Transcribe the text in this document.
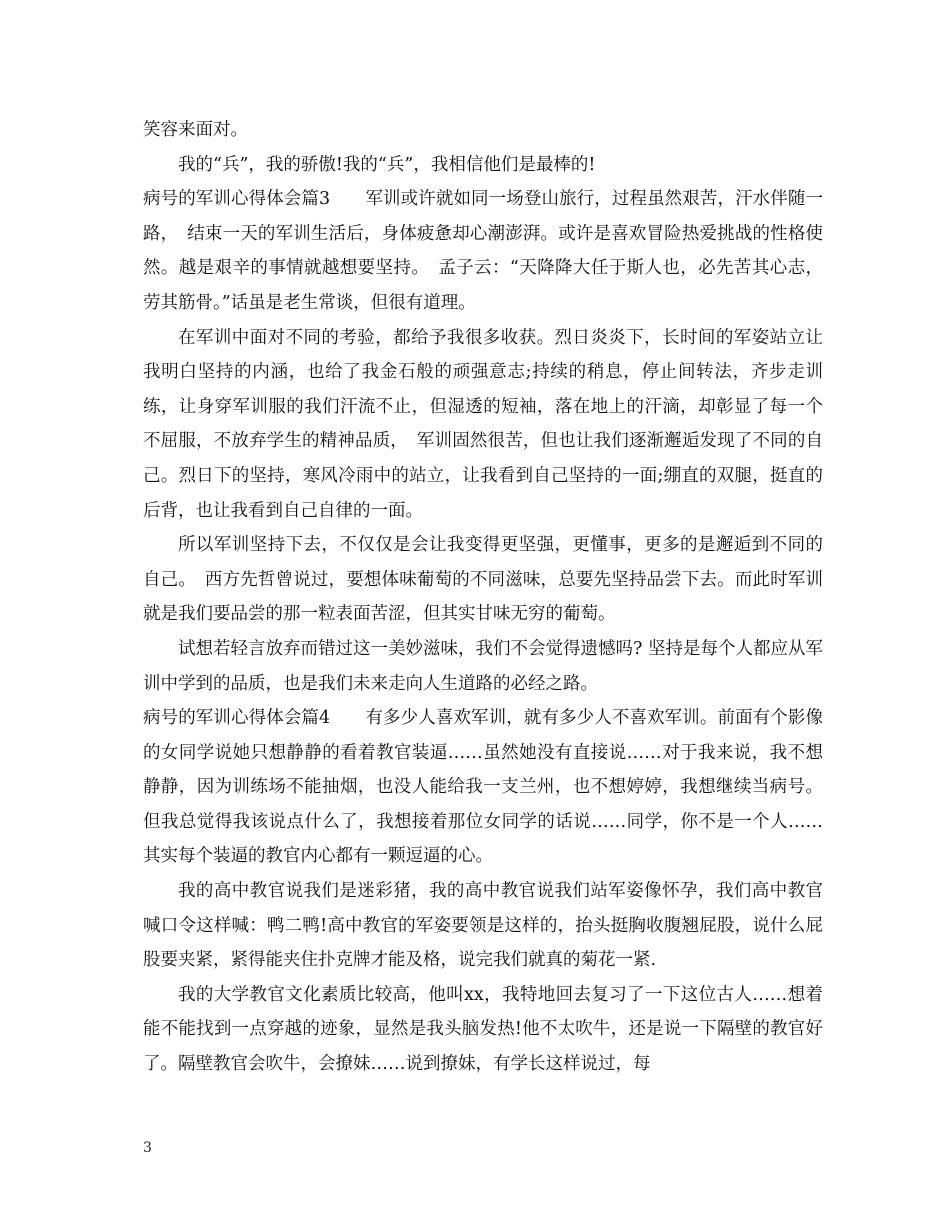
笑容来面对。

我的“兵”，我的骄傲!我的“兵”，我相信他们是最棒的!

病号的军训心得体会篇3　　军训或许就如同一场登山旅行，过程虽然艰苦，汗水伴随一路，　结束一天的军训生活后，身体疲惫却心潮澎湃。或许是喜欢冒险热爱挑战的性格使然。越是艰辛的事情就越想要坚持。　孟子云：“天降降大任于斯人也，必先苦其心志，劳其筋骨。”话虽是老生常谈，但很有道理。

在军训中面对不同的考验，都给予我很多收获。烈日炎炎下，长时间的军姿站立让我明白坚持的内涵，也给了我金石般的顽强意志;持续的稍息，停止间转法，齐步走训练，让身穿军训服的我们汗流不止，但湿透的短袖，落在地上的汗滴，却彰显了每一个不屈服，不放弃学生的精神品质，　军训固然很苦，但也让我们逐渐邂逅发现了不同的自己。烈日下的坚持，寒风冷雨中的站立，让我看到自己坚持的一面;绷直的双腿，挺直的后背，也让我看到自己自律的一面。

所以军训坚持下去，不仅仅是会让我变得更坚强，更懂事，更多的是邂逅到不同的自己。　西方先哲曾说过，要想体味葡萄的不同滋味，总要先坚持品尝下去。而此时军训就是我们要品尝的那一粒表面苦涩，但其实甘味无穷的葡萄。

试想若轻言放弃而错过这一美妙滋味，我们不会觉得遗憾吗? 坚持是每个人都应从军训中学到的品质，也是我们未来走向人生道路的必经之路。

病号的军训心得体会篇4　　有多少人喜欢军训，就有多少人不喜欢军训。前面有个影像的女同学说她只想静静的看着教官装逼……虽然她没有直接说……对于我来说，我不想静静，因为训练场不能抽烟，也没人能给我一支兰州，也不想婷婷，我想继续当病号。但我总觉得我该说点什么了，我想接着那位女同学的话说……同学，你不是一个人……其实每个装逼的教官内心都有一颗逗逼的心。

我的高中教官说我们是迷彩猪，我的高中教官说我们站军姿像怀孕，我们高中教官喊口令这样喊：鸭二鸭!高中教官的军姿要领是这样的，抬头挺胸收腹翘屁股，说什么屁股要夹紧，紧得能夹住扑克牌才能及格，说完我们就真的菊花一紧.

我的大学教官文化素质比较高，他叫xx，我特地回去复习了一下这位古人……想着能不能找到一点穿越的迹象，显然是我头脑发热!他不太吹牛，还是说一下隔壁的教官好了。隔壁教官会吹牛，会撩妹……说到撩妹，有学长这样说过，每

3
